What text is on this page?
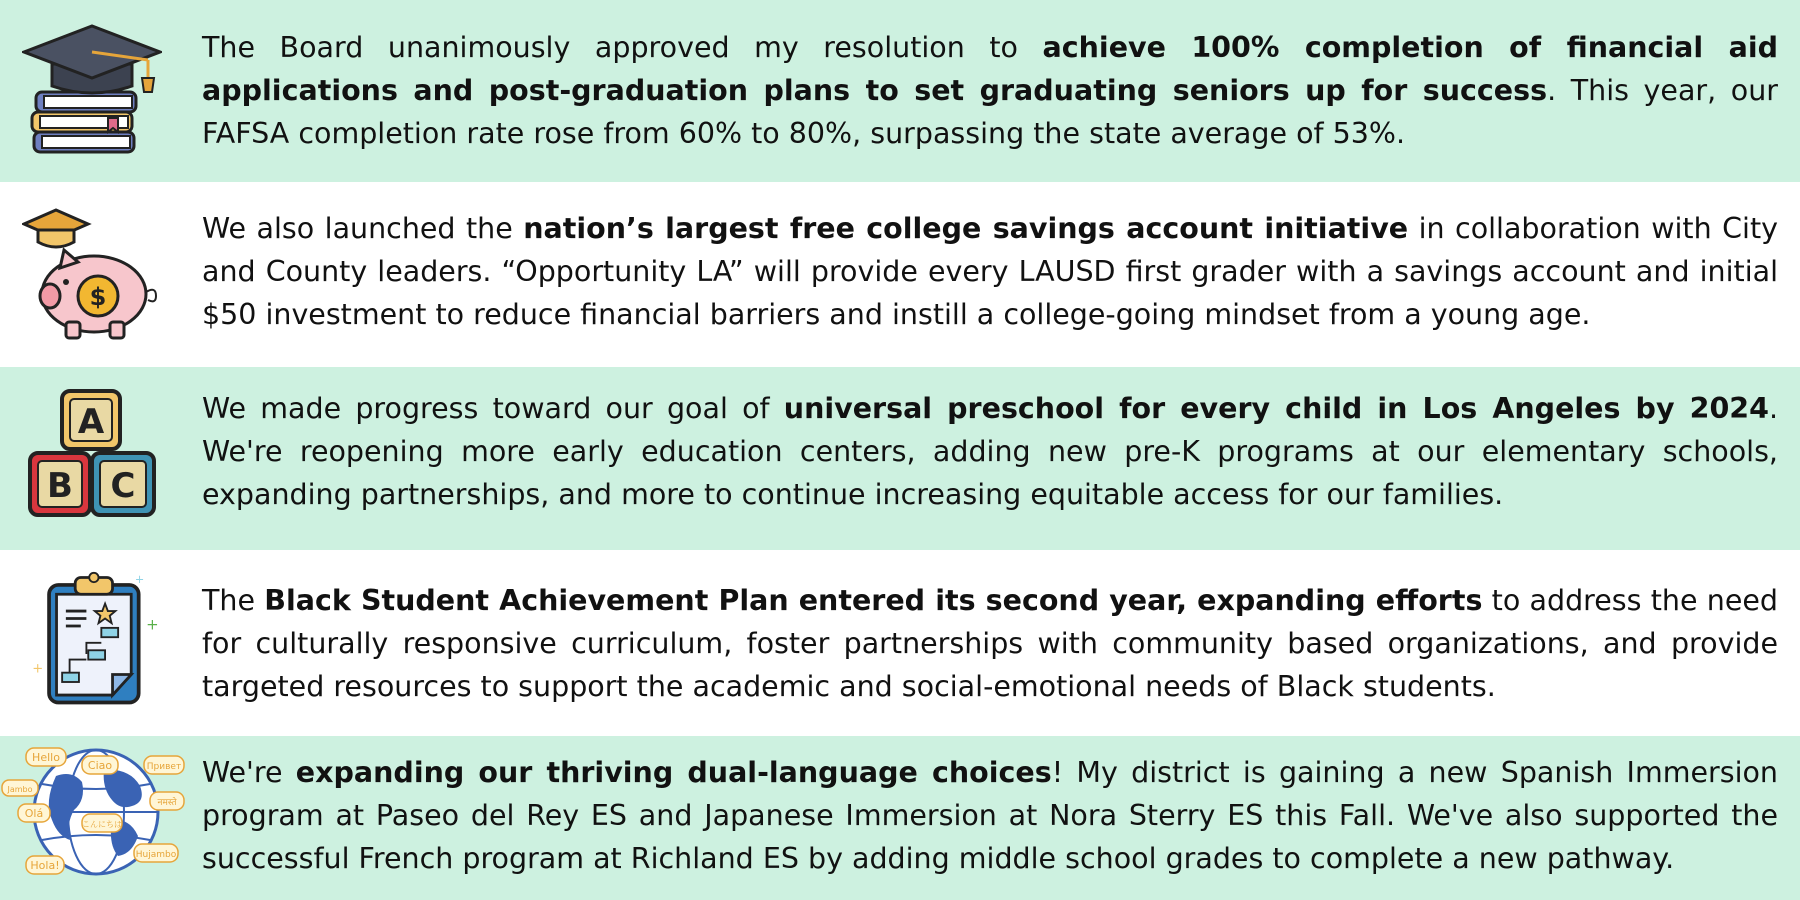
The Board unanimously approved my resolution to achieve 100% completion of financial aid applications and post-graduation plans to set graduating seniors up for success. This year, our FAFSA completion rate rose from 60% to 80%, surpassing the state average of 53%.
$
We also launched the nation’s largest free college savings account initiative in collaboration with City and County leaders. “Opportunity LA” will provide every LAUSD first grader with a savings account and initial $50 investment to reduce financial barriers and instill a college-going mindset from a young age.
A
B C
We made progress toward our goal of universal preschool for every child in Los Angeles by 2024. We're reopening more early education centers, adding new pre-K programs at our elementary schools, expanding partnerships, and more to continue increasing equitable access for our families.
+
+
+
The Black Student Achievement Plan entered its second year, expanding efforts to address the need for culturally responsive curriculum, foster partnerships with community based organizations, and provide targeted resources to support the academic and social-emotional needs of Black students.
Hello
Ciao	Привет
Olá
Hola!
Jambo
नमस्ते
こんにちは
Hujambo
We're expanding our thriving dual-language choices! My district is gaining a new Spanish Immersion program at Paseo del Rey ES and Japanese Immersion at Nora Sterry ES this Fall. We've also supported the successful French program at Richland ES by adding middle school grades to complete a new pathway.
